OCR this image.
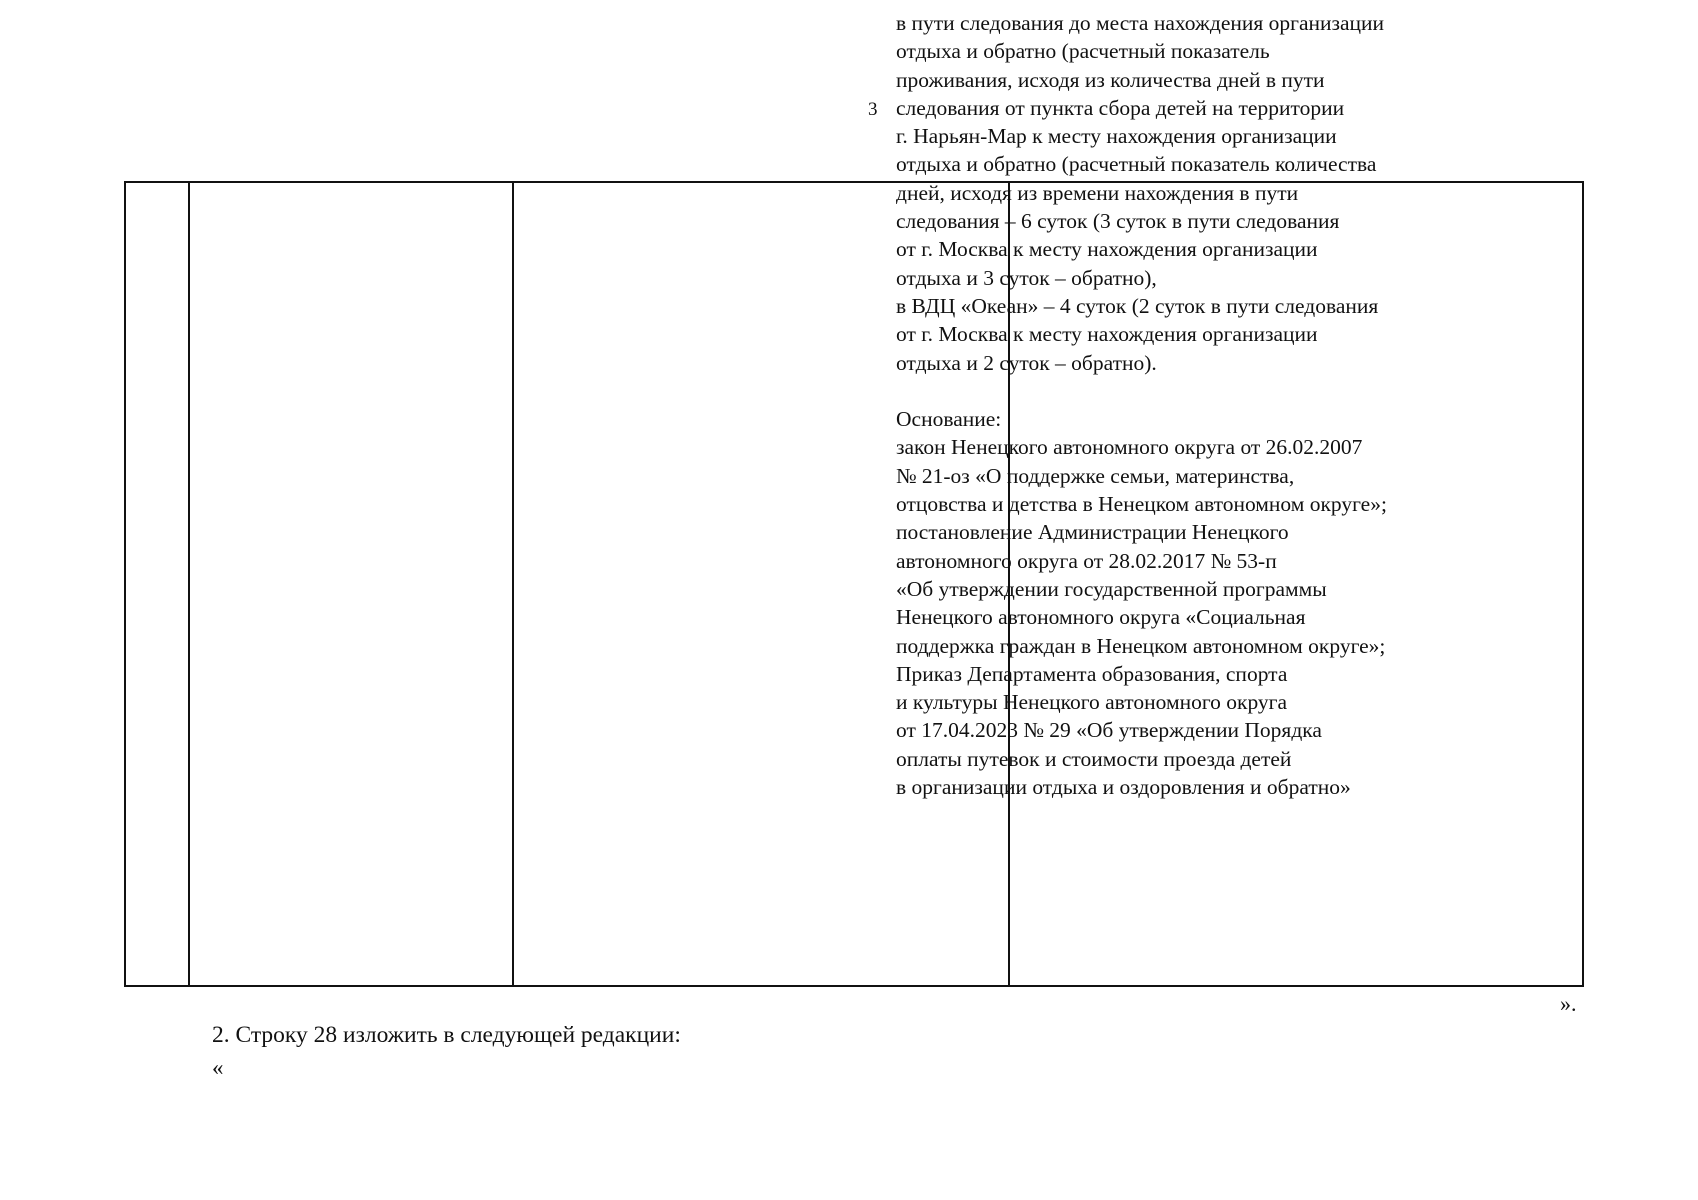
3
в пути следования до места нахождения организации
отдыха и обратно (расчетный показатель
проживания, исходя из количества дней в пути
следования от пункта сбора детей на территории
г. Нарьян-Мар к месту нахождения организации
отдыха и обратно (расчетный показатель количества
дней, исходя из времени нахождения в пути
следования – 6 суток (3 суток в пути следования
от г. Москва к месту нахождения организации
отдыха и 3 суток – обратно),
в ВДЦ «Океан» – 4 суток (2 суток в пути следования
от г. Москва к месту нахождения организации
отдыха и 2 суток – обратно).
Основание:
закон Ненецкого автономного округа от 26.02.2007
№ 21-оз «О поддержке семьи, материнства,
отцовства и детства в Ненецком автономном округе»;
постановление Администрации Ненецкого
автономного округа от 28.02.2017 № 53-п
«Об утверждении государственной программы
Ненецкого автономного округа «Социальная
поддержка граждан в Ненецком автономном округе»;
Приказ Департамента образования, спорта
и культуры Ненецкого автономного округа
от 17.04.2023 № 29 «Об утверждении Порядка
оплаты путевок и стоимости проезда детей
в организации отдыха и оздоровления и обратно»
».
2. Строку 28 изложить в следующей редакции:
«
